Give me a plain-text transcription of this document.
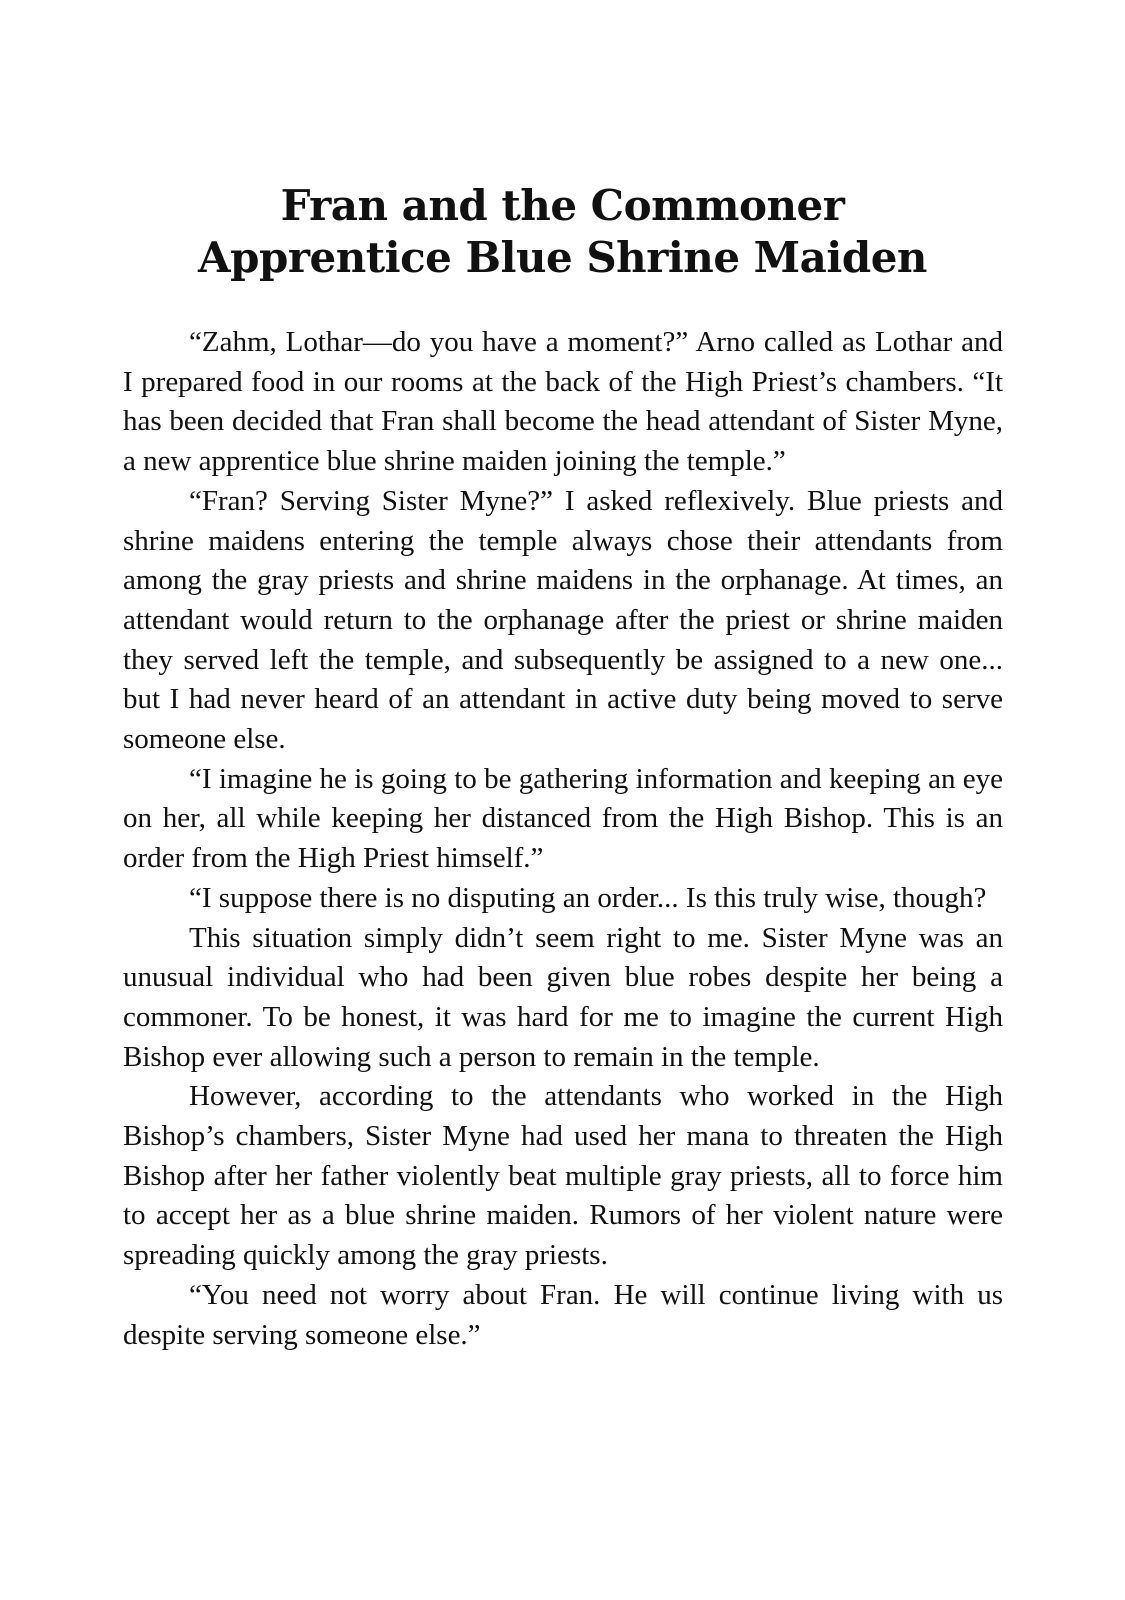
Fran and the Commoner
Apprentice Blue Shrine Maiden

“Zahm, Lothar—do you have a moment?” Arno called as Lothar and I prepared food in our rooms at the back of the High Priest’s chambers. “It has been decided that Fran shall become the head attendant of Sister Myne, a new apprentice blue shrine maiden joining the temple.”

“Fran? Serving Sister Myne?” I asked reflexively. Blue priests and shrine maidens entering the temple always chose their attendants from among the gray priests and shrine maidens in the orphanage. At times, an attendant would return to the orphanage after the priest or shrine maiden they served left the temple, and subsequently be assigned to a new one... but I had never heard of an attendant in active duty being moved to serve someone else.

“I imagine he is going to be gathering information and keeping an eye on her, all while keeping her distanced from the High Bishop. This is an order from the High Priest himself.”

“I suppose there is no disputing an order... Is this truly wise, though?

This situation simply didn’t seem right to me. Sister Myne was an unusual individual who had been given blue robes despite her being a commoner. To be honest, it was hard for me to imagine the current High Bishop ever allowing such a person to remain in the temple.

However, according to the attendants who worked in the High Bishop’s chambers, Sister Myne had used her mana to threaten the High Bishop after her father violently beat multiple gray priests, all to force him to accept her as a blue shrine maiden. Rumors of her violent nature were spreading quickly among the gray priests.

“You need not worry about Fran. He will continue living with us despite serving someone else.”
